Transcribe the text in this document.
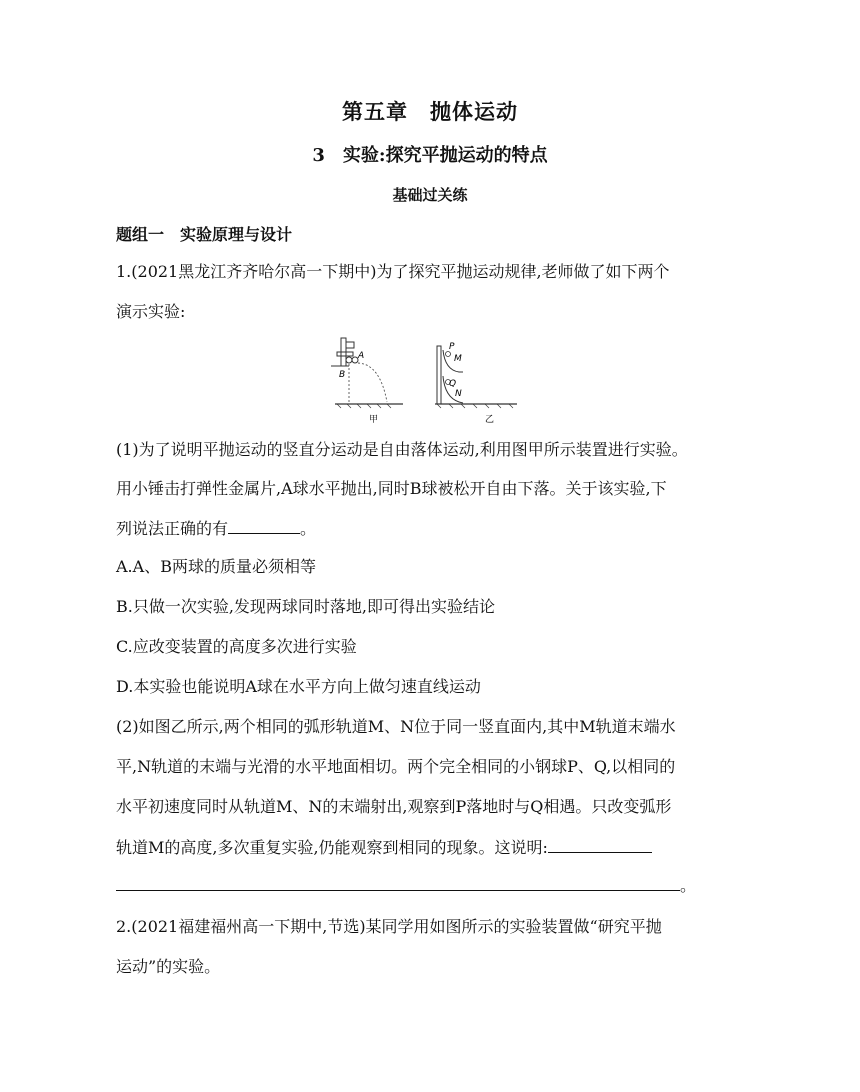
第五章　抛体运动
3　实验:探究平抛运动的特点
基础过关练
题组一　实验原理与设计
1.(2021黑龙江齐齐哈尔高一下期中)为了探究平抛运动规律,老师做了如下两个
演示实验:
A
B
甲
P
M
Q
N
乙
(1)为了说明平抛运动的竖直分运动是自由落体运动,利用图甲所示装置进行实验。
用小锤击打弹性金属片,A球水平抛出,同时B球被松开自由下落。关于该实验,下
列说法正确的有	。
A.A、B两球的质量必须相等
B.只做一次实验,发现两球同时落地,即可得出实验结论
C.应改变装置的高度多次进行实验
D.本实验也能说明A球在水平方向上做匀速直线运动
(2)如图乙所示,两个相同的弧形轨道M、N位于同一竖直面内,其中M轨道末端水
平,N轨道的末端与光滑的水平地面相切。两个完全相同的小钢球P、Q,以相同的
水平初速度同时从轨道M、N的末端射出,观察到P落地时与Q相遇。只改变弧形
轨道M的高度,多次重复实验,仍能观察到相同的现象。这说明:
。
2.(2021福建福州高一下期中,节选)某同学用如图所示的实验装置做“研究平抛
运动”的实验。
